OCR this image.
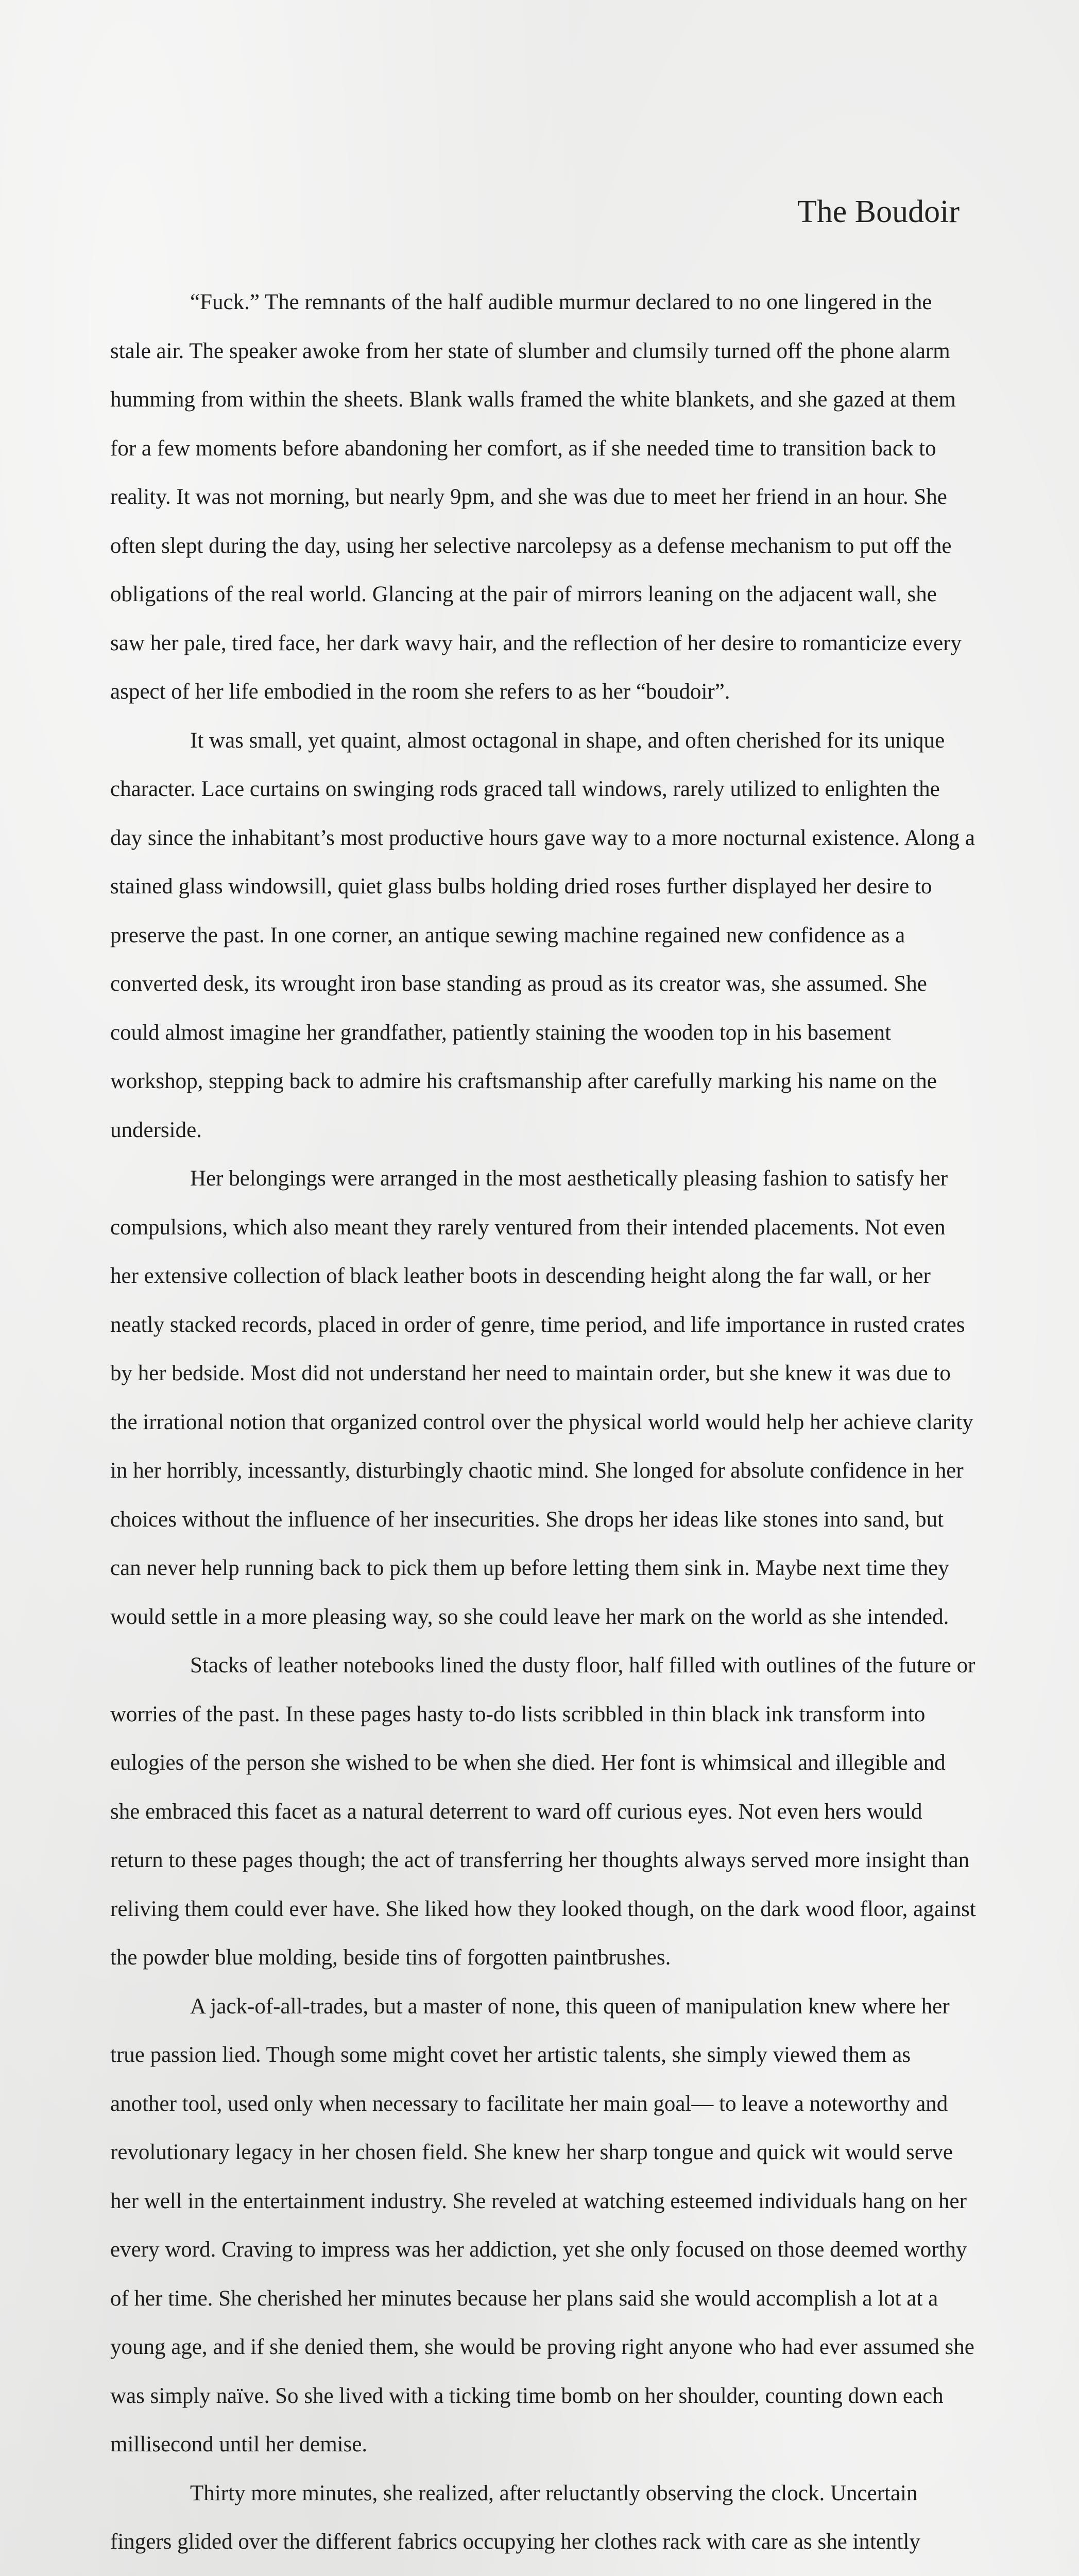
The Boudoir

“Fuck.” The remnants of the half audible murmur declared to no one lingered in the stale air. The speaker awoke from her state of slumber and clumsily turned off the phone alarm humming from within the sheets. Blank walls framed the white blankets, and she gazed at them for a few moments before abandoning her comfort, as if she needed time to transition back to reality. It was not morning, but nearly 9pm, and she was due to meet her friend in an hour. She often slept during the day, using her selective narcolepsy as a defense mechanism to put off the obligations of the real world. Glancing at the pair of mirrors leaning on the adjacent wall, she saw her pale, tired face, her dark wavy hair, and the reflection of her desire to romanticize every aspect of her life embodied in the room she refers to as her “boudoir”.

It was small, yet quaint, almost octagonal in shape, and often cherished for its unique character. Lace curtains on swinging rods graced tall windows, rarely utilized to enlighten the day since the inhabitant’s most productive hours gave way to a more nocturnal existence. Along a stained glass windowsill, quiet glass bulbs holding dried roses further displayed her desire to preserve the past. In one corner, an antique sewing machine regained new confidence as a converted desk, its wrought iron base standing as proud as its creator was, she assumed. She could almost imagine her grandfather, patiently staining the wooden top in his basement workshop, stepping back to admire his craftsmanship after carefully marking his name on the underside.

Her belongings were arranged in the most aesthetically pleasing fashion to satisfy her compulsions, which also meant they rarely ventured from their intended placements. Not even her extensive collection of black leather boots in descending height along the far wall, or her neatly stacked records, placed in order of genre, time period, and life importance in rusted crates by her bedside. Most did not understand her need to maintain order, but she knew it was due to the irrational notion that organized control over the physical world would help her achieve clarity in her horribly, incessantly, disturbingly chaotic mind. She longed for absolute confidence in her choices without the influence of her insecurities. She drops her ideas like stones into sand, but can never help running back to pick them up before letting them sink in. Maybe next time they would settle in a more pleasing way, so she could leave her mark on the world as she intended.

Stacks of leather notebooks lined the dusty floor, half filled with outlines of the future or worries of the past. In these pages hasty to-do lists scribbled in thin black ink transform into eulogies of the person she wished to be when she died. Her font is whimsical and illegible and she embraced this facet as a natural deterrent to ward off curious eyes. Not even hers would return to these pages though; the act of transferring her thoughts always served more insight than reliving them could ever have. She liked how they looked though, on the dark wood floor, against the powder blue molding, beside tins of forgotten paintbrushes.

A jack-of-all-trades, but a master of none, this queen of manipulation knew where her true passion lied. Though some might covet her artistic talents, she simply viewed them as another tool, used only when necessary to facilitate her main goal— to leave a noteworthy and revolutionary legacy in her chosen field. She knew her sharp tongue and quick wit would serve her well in the entertainment industry. She reveled at watching esteemed individuals hang on her every word. Craving to impress was her addiction, yet she only focused on those deemed worthy of her time. She cherished her minutes because her plans said she would accomplish a lot at a young age, and if she denied them, she would be proving right anyone who had ever assumed she was simply naïve. So she lived with a ticking time bomb on her shoulder, counting down each millisecond until her demise.

Thirty more minutes, she realized, after reluctantly observing the clock. Uncertain fingers glided over the different fabrics occupying her clothes rack with care as she intently
